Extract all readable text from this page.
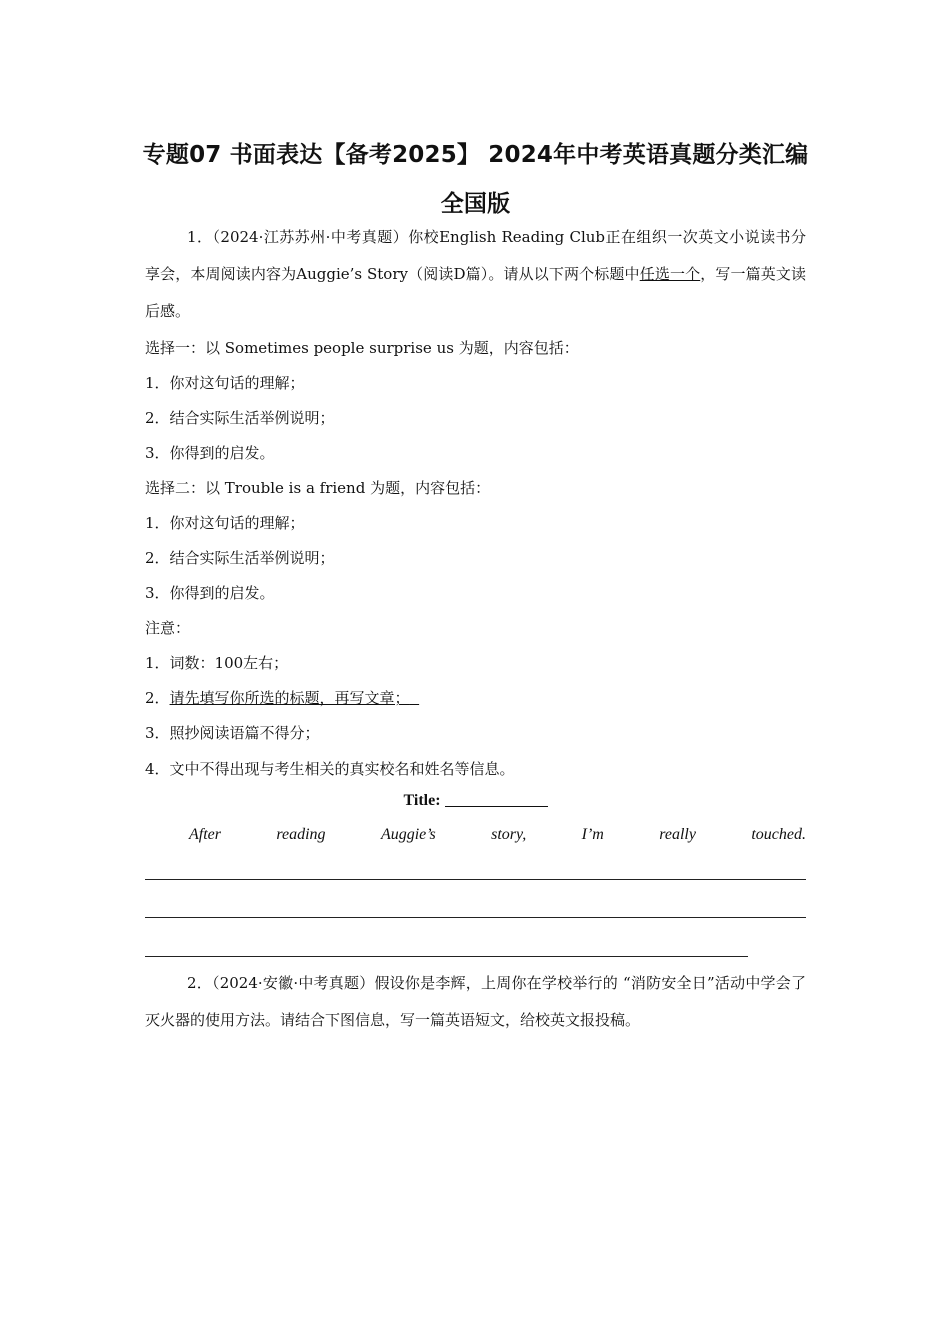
专题07 书面表达【备考2025】 2024年中考英语真题分类汇编
全国版
1．（2024·江苏苏州·中考真题）你校English Reading Club正在组织一次英文小说读书分享会，本周阅读内容为Auggie’s Story（阅读D篇）。请从以下两个标题中任选一个，写一篇英文读后感。
选择一：以 Sometimes people surprise us 为题，内容包括：
1．你对这句话的理解；
2．结合实际生活举例说明；
3．你得到的启发。
选择二：以 Trouble is a friend 为题，内容包括：
1．你对这句话的理解；
2．结合实际生活举例说明；
3．你得到的启发。
注意：
1．词数：100左右；
2．请先填写你所选的标题，再写文章；
3．照抄阅读语篇不得分；
4．文中不得出现与考生相关的真实校名和姓名等信息。
Title:
After	reading	Auggie’s	story,	I’m	really	touched.
2．（2024·安徽·中考真题）假设你是李辉，上周你在学校举行的 “消防安全日”活动中学会了灭火器的使用方法。请结合下图信息，写一篇英语短文，给校英文报投稿。
